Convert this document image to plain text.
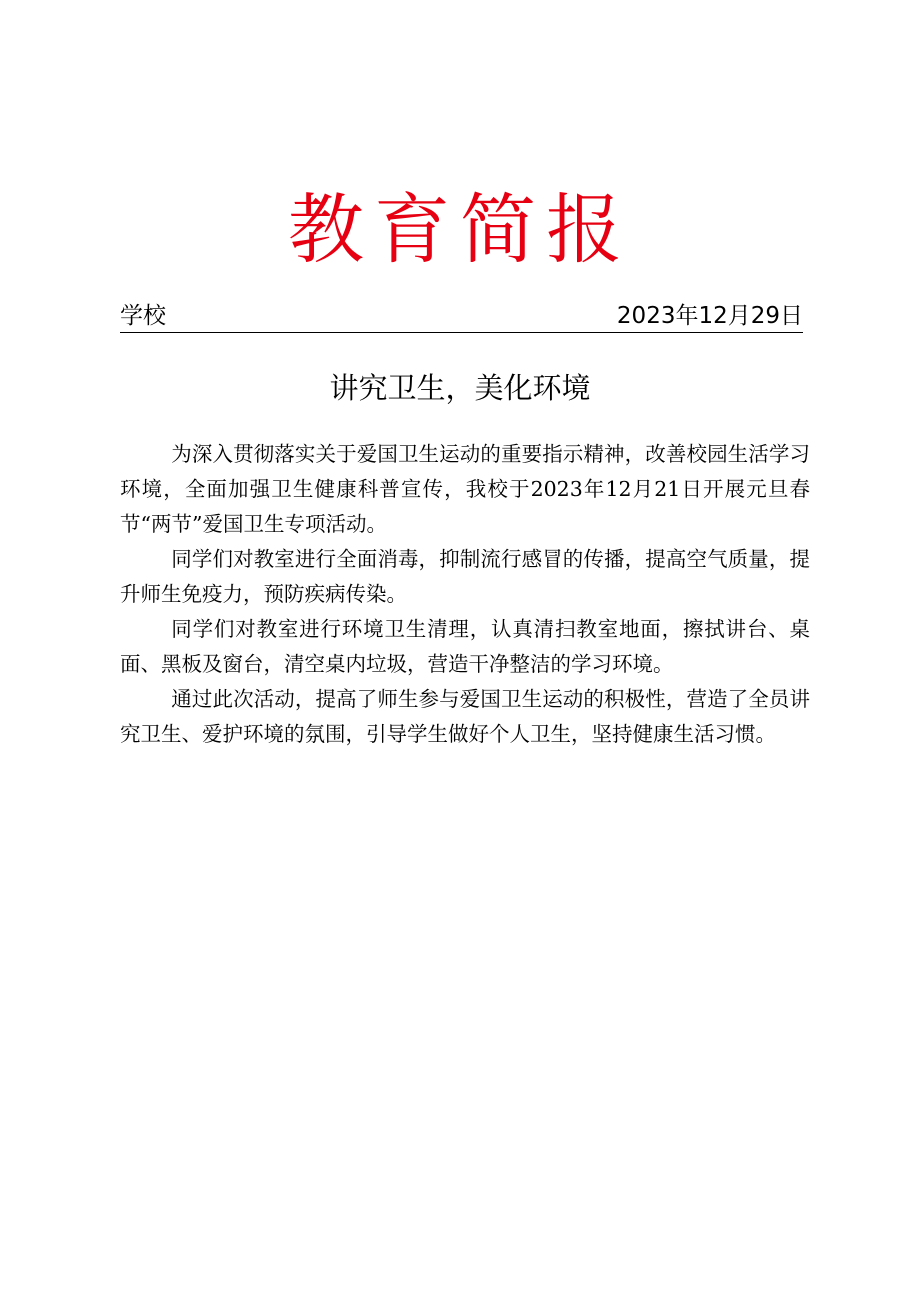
教育简报
学校	2023年12月29日
讲究卫生，美化环境

为深入贯彻落实关于爱国卫生运动的重要指示精神，改善校园生活学习环境，全面加强卫生健康科普宣传，我校于2023年12月21日开展元旦春节“两节”爱国卫生专项活动。

同学们对教室进行全面消毒，抑制流行感冒的传播，提高空气质量，提升师生免疫力，预防疾病传染。

同学们对教室进行环境卫生清理，认真清扫教室地面，擦拭讲台、桌面、黑板及窗台，清空桌内垃圾，营造干净整洁的学习环境。

通过此次活动，提高了师生参与爱国卫生运动的积极性，营造了全员讲究卫生、爱护环境的氛围，引导学生做好个人卫生，坚持健康生活习惯。
